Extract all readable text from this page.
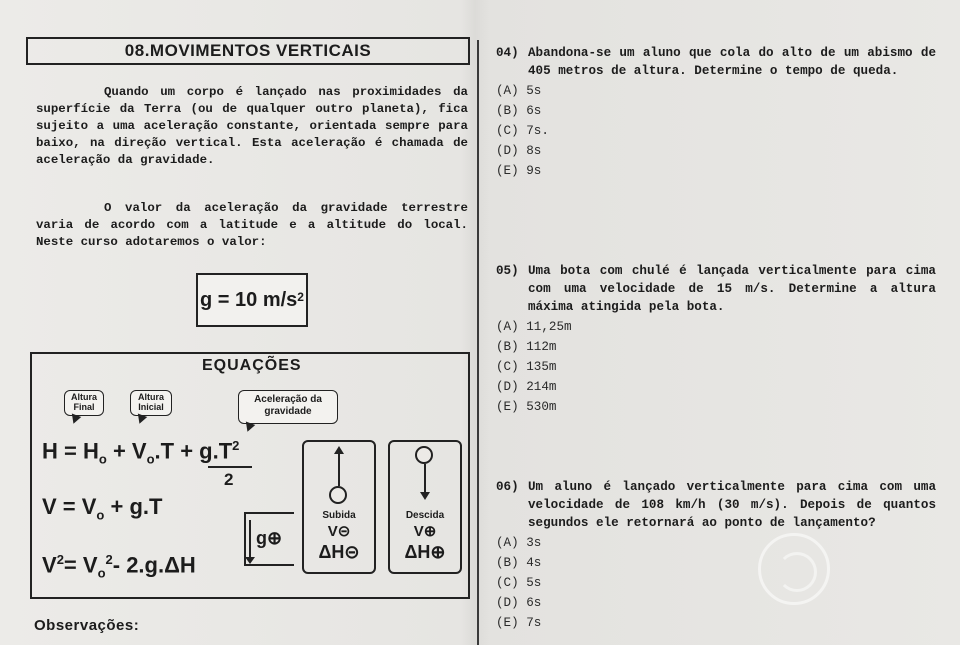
08.MOVIMENTOS VERTICAIS
Quando um corpo é lançado nas proximidades da superfície da Terra (ou de qualquer outro planeta), fica sujeito a uma aceleração constante, orientada sempre para baixo, na direção vertical. Esta aceleração é chamada de aceleração da gravidade.
O valor da aceleração da gravidade terrestre varia de acordo com a latitude e a altitude do local. Neste curso adotaremos o valor:
g = 10 $m/s^2$
EQUAÇÕES
Altura Final
Altura Inicial
Aceleração da gravidade
$H = H_o + V_o.T + g.T^2$
2
$V = V_o + g.T$
$V^2= V_o^2-$ 2.g.ΔH
g⊕
Subida
V⊝
ΔH⊝
Descida
V⊕
ΔH⊕
Observações:
04) Abandona-se um aluno que cola do alto de um abismo de 405 metros de altura. Determine o tempo de queda.
(A) 5s
(B) 6s
(C) 7s.
(D) 8s
(E) 9s
05) Uma bota com chulé é lançada verticalmente para cima com uma velocidade de 15 m/s. Determine a altura máxima atingida pela bota.
(A) 11,25m
(B) 112m
(C) 135m
(D) 214m
(E) 530m
06) Um aluno é lançado verticalmente para cima com uma velocidade de 108 km/h (30 m/s). Depois de quantos segundos ele retornará ao ponto de lançamento?
(A) 3s
(B) 4s
(C) 5s
(D) 6s
(E) 7s
